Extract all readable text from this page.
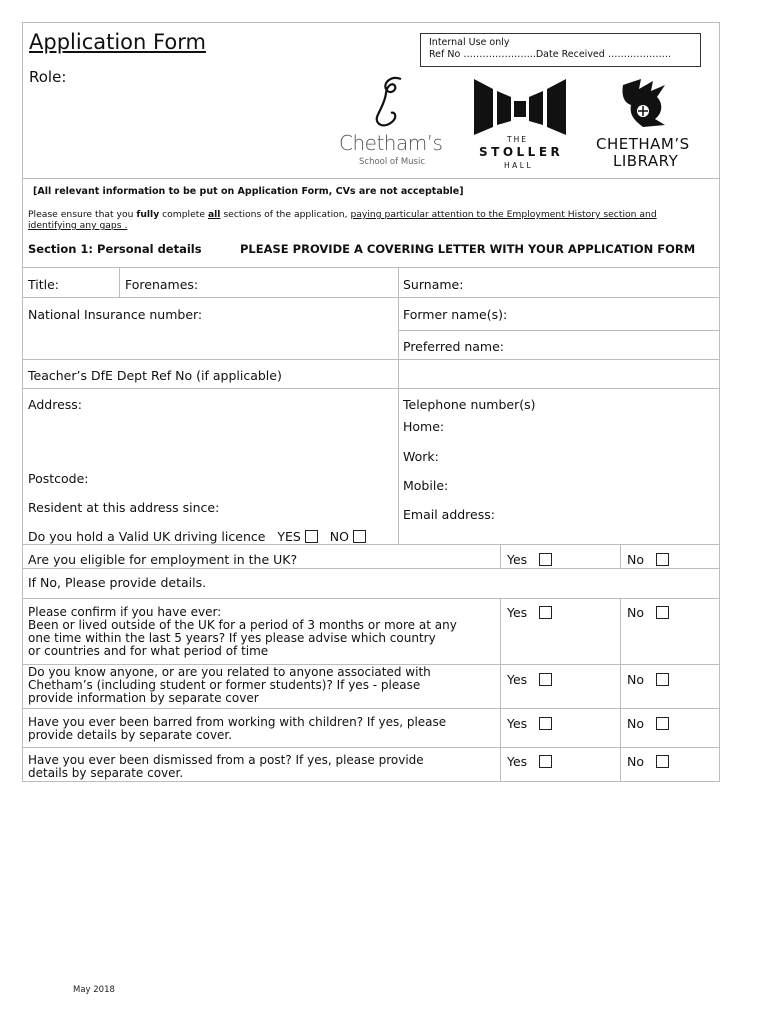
Application Form
Role:
Internal Use only
Ref No …………………..Date Received ………………..
Chetham’s
School of Music
THE
STOLLER
HALL
CHETHAM’S
LIBRARY
[All relevant information to be put on Application Form, CVs are not acceptable]
Please ensure that you fully complete all sections of the application, paying particular attention to the Employment History section and
identifying any gaps .
Section 1: Personal details	PLEASE PROVIDE A COVERING LETTER WITH YOUR APPLICATION FORM
Title:	Forenames:	Surname:
National Insurance number:	Former name(s):
Preferred name:
Teacher’s DfE Dept Ref No (if applicable)
Address:
Postcode:
Resident at this address since:
Do you hold a Valid UK driving licence YES NO
Telephone number(s)
Home:
Work:
Mobile:
Email address:
Are you eligible for employment in the UK?	Yes	No
If No, Please provide details.
Please confirm if you have ever:
Been or lived outside of the UK for a period of 3 months or more at any
one time within the last 5 years? If yes please advise which country
or countries and for what period of time
Yes	No
Do you know anyone, or are you related to anyone associated with
Chetham’s (including student or former students)? If yes - please
provide information by separate cover
Yes	No
Have you ever been barred from working with children? If yes, please
provide details by separate cover.
Yes	No
Have you ever been dismissed from a post? If yes, please provide
details by separate cover.
Yes	No
May 2018
